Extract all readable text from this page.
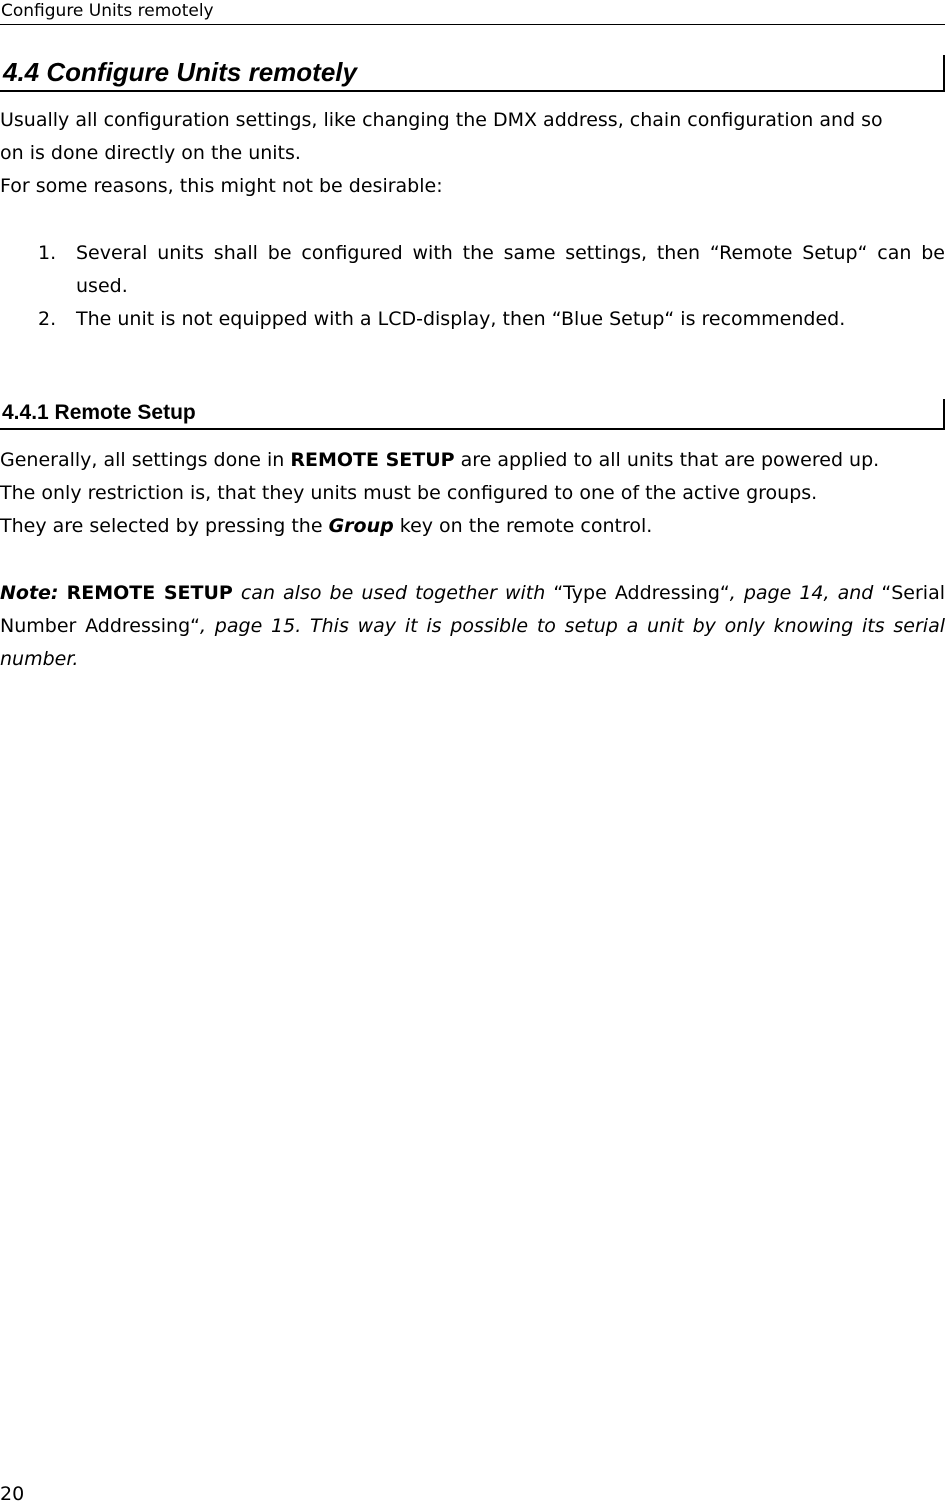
Configure Units remotely
4.4 Configure Units remotely
Usually all configuration settings, like changing the DMX address, chain configuration and so
on is done directly on the units.
For some reasons, this might not be desirable:
1.	Several units shall be configured with the same settings, then “Remote Setup“ can be used.
2.	The unit is not equipped with a LCD-display, then “Blue Setup“ is recommended.
4.4.1 Remote Setup
Generally, all settings done in REMOTE SETUP are applied to all units that are powered up.
The only restriction is, that they units must be configured to one of the active groups.
They are selected by pressing the Group key on the remote control.
Note: REMOTE SETUP can also be used together with “Type Addressing“, page 14, and “Serial Number Addressing“, page 15. This way it is possible to setup a unit by only knowing its serial number.
20
